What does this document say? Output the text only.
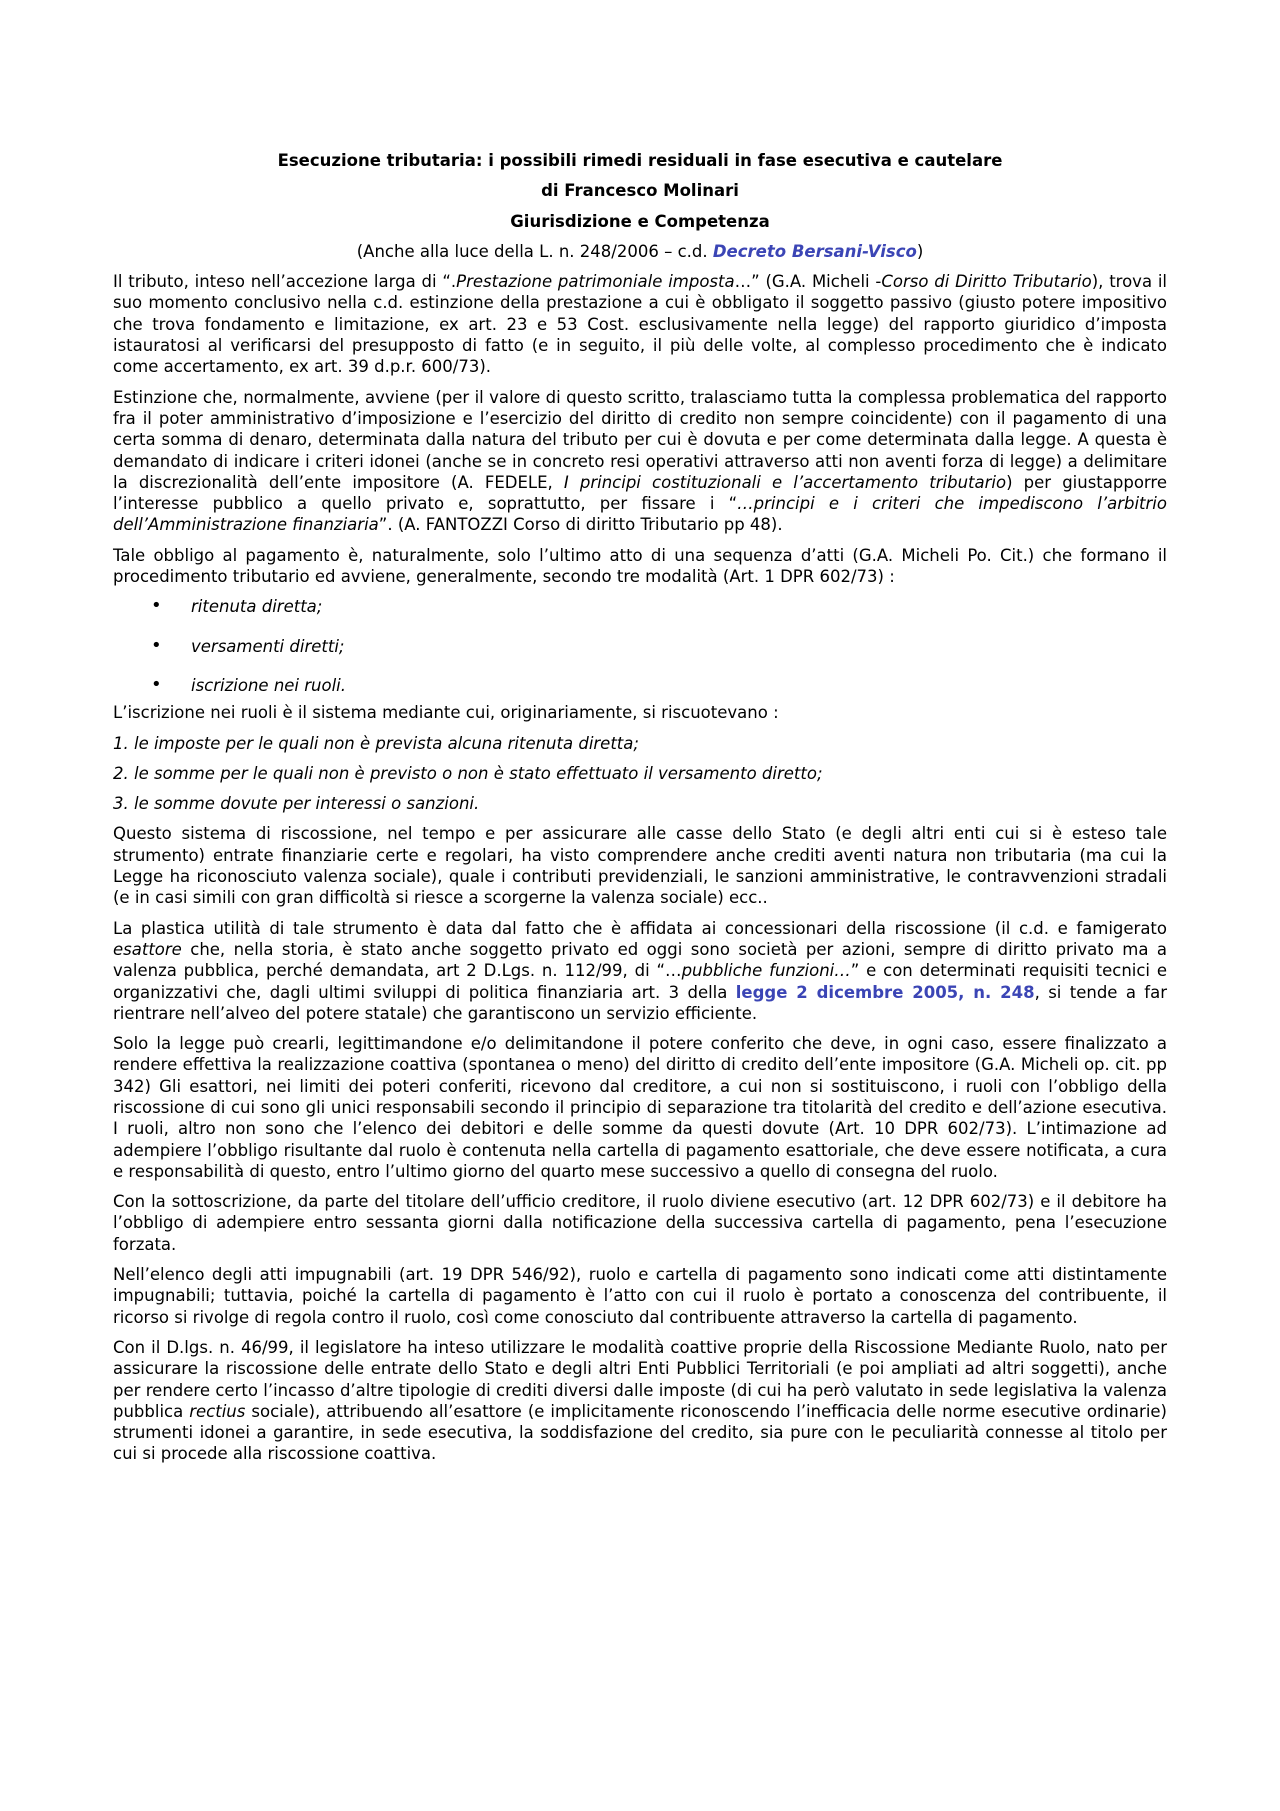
Esecuzione tributaria: i possibili rimedi residuali in fase esecutiva e cautelare
di Francesco Molinari
Giurisdizione e Competenza
(Anche alla luce della L. n. 248/2006 – c.d. Decreto Bersani-Visco)

Il tributo, inteso nell’accezione larga di “.Prestazione patrimoniale imposta…” (G.A. Micheli -Corso di Diritto Tributario), trova il suo momento conclusivo nella c.d. estinzione della prestazione a cui è obbligato il soggetto passivo (giusto potere impositivo che trova fondamento e limitazione, ex art. 23 e 53 Cost. esclusivamente nella legge) del rapporto giuridico d’imposta istauratosi al verificarsi del presupposto di fatto (e in seguito, il più delle volte, al complesso procedimento che è indicato come accertamento, ex art. 39 d.p.r. 600/73).

Estinzione che, normalmente, avviene (per il valore di questo scritto, tralasciamo tutta la complessa problematica del rapporto fra il poter amministrativo d’imposizione e l’esercizio del diritto di credito non sempre coincidente) con il pagamento di una certa somma di denaro, determinata dalla natura del tributo per cui è dovuta e per come determinata dalla legge. A questa è demandato di indicare i criteri idonei (anche se in concreto resi operativi attraverso atti non aventi forza di legge) a delimitare la discrezionalità dell’ente impositore (A. FEDELE, I principi costituzionali e l’accertamento tributario) per giustapporre l’interesse pubblico a quello privato e, soprattutto, per fissare i “…principi e i criteri che impediscono l’arbitrio dell’Amministrazione finanziaria”. (A. FANTOZZI Corso di diritto Tributario pp 48).

Tale obbligo al pagamento è, naturalmente, solo l’ultimo atto di una sequenza d’atti (G.A. Micheli Po. Cit.) che formano il procedimento tributario ed avviene, generalmente, secondo tre modalità (Art. 1 DPR 602/73) :

• ritenuta diretta;
• versamenti diretti;
• iscrizione nei ruoli.

L’iscrizione nei ruoli è il sistema mediante cui, originariamente, si riscuotevano :

1. le imposte per le quali non è prevista alcuna ritenuta diretta;

2. le somme per le quali non è previsto o non è stato effettuato il versamento diretto;

3. le somme dovute per interessi o sanzioni.

Questo sistema di riscossione, nel tempo e per assicurare alle casse dello Stato (e degli altri enti cui si è esteso tale strumento) entrate finanziarie certe e regolari, ha visto comprendere anche crediti aventi natura non tributaria (ma cui la Legge ha riconosciuto valenza sociale), quale i contributi previdenziali, le sanzioni amministrative, le contravvenzioni stradali (e in casi simili con gran difficoltà si riesce a scorgerne la valenza sociale) ecc..

La plastica utilità di tale strumento è data dal fatto che è affidata ai concessionari della riscossione (il c.d. e famigerato esattore che, nella storia, è stato anche soggetto privato ed oggi sono società per azioni, sempre di diritto privato ma a valenza pubblica, perché demandata, art 2 D.Lgs. n. 112/99, di “…pubbliche funzioni…” e con determinati requisiti tecnici e organizzativi che, dagli ultimi sviluppi di politica finanziaria art. 3 della legge 2 dicembre 2005, n. 248, si tende a far rientrare nell’alveo del potere statale) che garantiscono un servizio efficiente.

Solo la legge può crearli, legittimandone e/o delimitandone il potere conferito che deve, in ogni caso, essere finalizzato a rendere effettiva la realizzazione coattiva (spontanea o meno) del diritto di credito dell’ente impositore (G.A. Micheli op. cit. pp 342) Gli esattori, nei limiti dei poteri conferiti, ricevono dal creditore, a cui non si sostituiscono, i ruoli con l’obbligo della riscossione di cui sono gli unici responsabili secondo il principio di separazione tra titolarità del credito e dell’azione esecutiva. I ruoli, altro non sono che l’elenco dei debitori e delle somme da questi dovute (Art. 10 DPR 602/73). L’intimazione ad adempiere l’obbligo risultante dal ruolo è contenuta nella cartella di pagamento esattoriale, che deve essere notificata, a cura e responsabilità di questo, entro l’ultimo giorno del quarto mese successivo a quello di consegna del ruolo.

Con la sottoscrizione, da parte del titolare dell’ufficio creditore, il ruolo diviene esecutivo (art. 12 DPR 602/73) e il debitore ha l’obbligo di adempiere entro sessanta giorni dalla notificazione della successiva cartella di pagamento, pena l’esecuzione forzata.

Nell’elenco degli atti impugnabili (art. 19 DPR 546/92), ruolo e cartella di pagamento sono indicati come atti distintamente impugnabili; tuttavia, poiché la cartella di pagamento è l’atto con cui il ruolo è portato a conoscenza del contribuente, il ricorso si rivolge di regola contro il ruolo, così come conosciuto dal contribuente attraverso la cartella di pagamento.

Con il D.lgs. n. 46/99, il legislatore ha inteso utilizzare le modalità coattive proprie della Riscossione Mediante Ruolo, nato per assicurare la riscossione delle entrate dello Stato e degli altri Enti Pubblici Territoriali (e poi ampliati ad altri soggetti), anche per rendere certo l’incasso d’altre tipologie di crediti diversi dalle imposte (di cui ha però valutato in sede legislativa la valenza pubblica rectius sociale), attribuendo all’esattore (e implicitamente riconoscendo l’inefficacia delle norme esecutive ordinarie) strumenti idonei a garantire, in sede esecutiva, la soddisfazione del credito, sia pure con le peculiarità connesse al titolo per cui si procede alla riscossione coattiva.
